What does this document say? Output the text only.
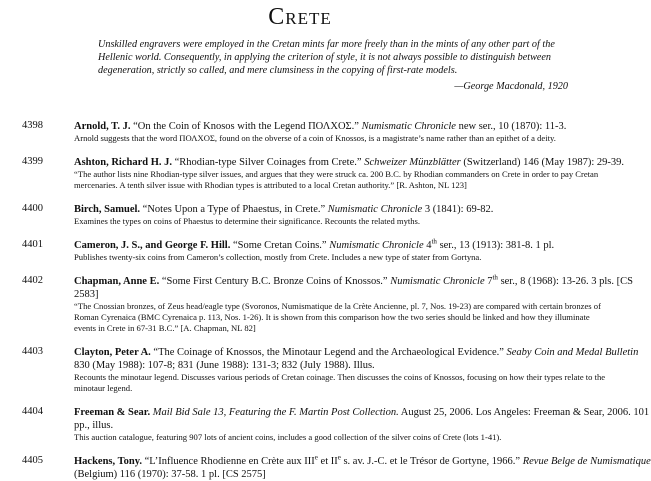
Crete
Unskilled engravers were employed in the Cretan mints far more freely than in the mints of any other part of the Hellenic world. Consequently, in applying the criterion of style, it is not always possible to distinguish between degeneration, strictly so called, and mere clumsiness in the copying of first-rate models.
—George Macdonald, 1920
4398	Arnold, T. J. “On the Coin of Knosos with the Legend ΠΟΛΧΟΣ.” Numismatic Chronicle new ser., 10 (1870): 11-3.
Arnold suggests that the word ΠΟΛΧΟΣ, found on the obverse of a coin of Knossos, is a magistrate’s name rather than an epithet of a deity.
4399	Ashton, Richard H. J. “Rhodian-type Silver Coinages from Crete.” Schweizer Münzblätter (Switzerland) 146 (May 1987): 29-39.
“The author lists nine Rhodian-type silver issues, and argues that they were struck ca. 200 B.C. by Rhodian commanders on Crete in order to pay Cretan
mercenaries. A tenth silver issue with Rhodian types is attributed to a local Cretan authority.” [R. Ashton, NL 123]
4400	Birch, Samuel. “Notes Upon a Type of Phaestus, in Crete.” Numismatic Chronicle 3 (1841): 69-82.
Examines the types on coins of Phaestus to determine their significance. Recounts the related myths.
4401	Cameron, J. S., and George F. Hill. “Some Cretan Coins.” Numismatic Chronicle 4th ser., 13 (1913): 381-8. 1 pl.
Publishes twenty-six coins from Cameron’s collection, mostly from Crete. Includes a new type of stater from Gortyna.
4402	Chapman, Anne E. “Some First Century B.C. Bronze Coins of Knossos.” Numismatic Chronicle 7th ser., 8 (1968): 13-26. 3 pls. [CS
2583]
“The Cnossian bronzes, of Zeus head/eagle type (Svoronos, Numismatique de la Crète Ancienne, pl. 7, Nos. 19-23) are compared with certain bronzes of
Roman Cyrenaica (BMC Cyrenaica p. 113, Nos. 1-26). It is shown from this comparison how the two series should be linked and how they illuminate
events in Crete in 67-31 B.C.” [A. Chapman, NL 82]
4403	Clayton, Peter A. “The Coinage of Knossos, the Minotaur Legend and the Archaeological Evidence.” Seaby Coin and Medal Bulletin
830 (May 1988): 107-8; 831 (June 1988): 131-3; 832 (July 1988). Illus.
Recounts the minotaur legend. Discusses various periods of Cretan coinage. Then discusses the coins of Knossos, focusing on how their types relate to the
minotaur legend.
4404	Freeman & Sear. Mail Bid Sale 13, Featuring the F. Martin Post Collection. August 25, 2006. Los Angeles: Freeman & Sear, 2006. 101
pp., illus.
This auction catalogue, featuring 907 lots of ancient coins, includes a good collection of the silver coins of Crete (lots 1-41).
4405	Hackens, Tony. “L’Influence Rhodienne en Crète aux IIIe et IIe s. av. J.-C. et le Trésor de Gortyne, 1966.” Revue Belge de Numismatique
(Belgium) 116 (1970): 37-58. 1 pl. [CS 2575]
